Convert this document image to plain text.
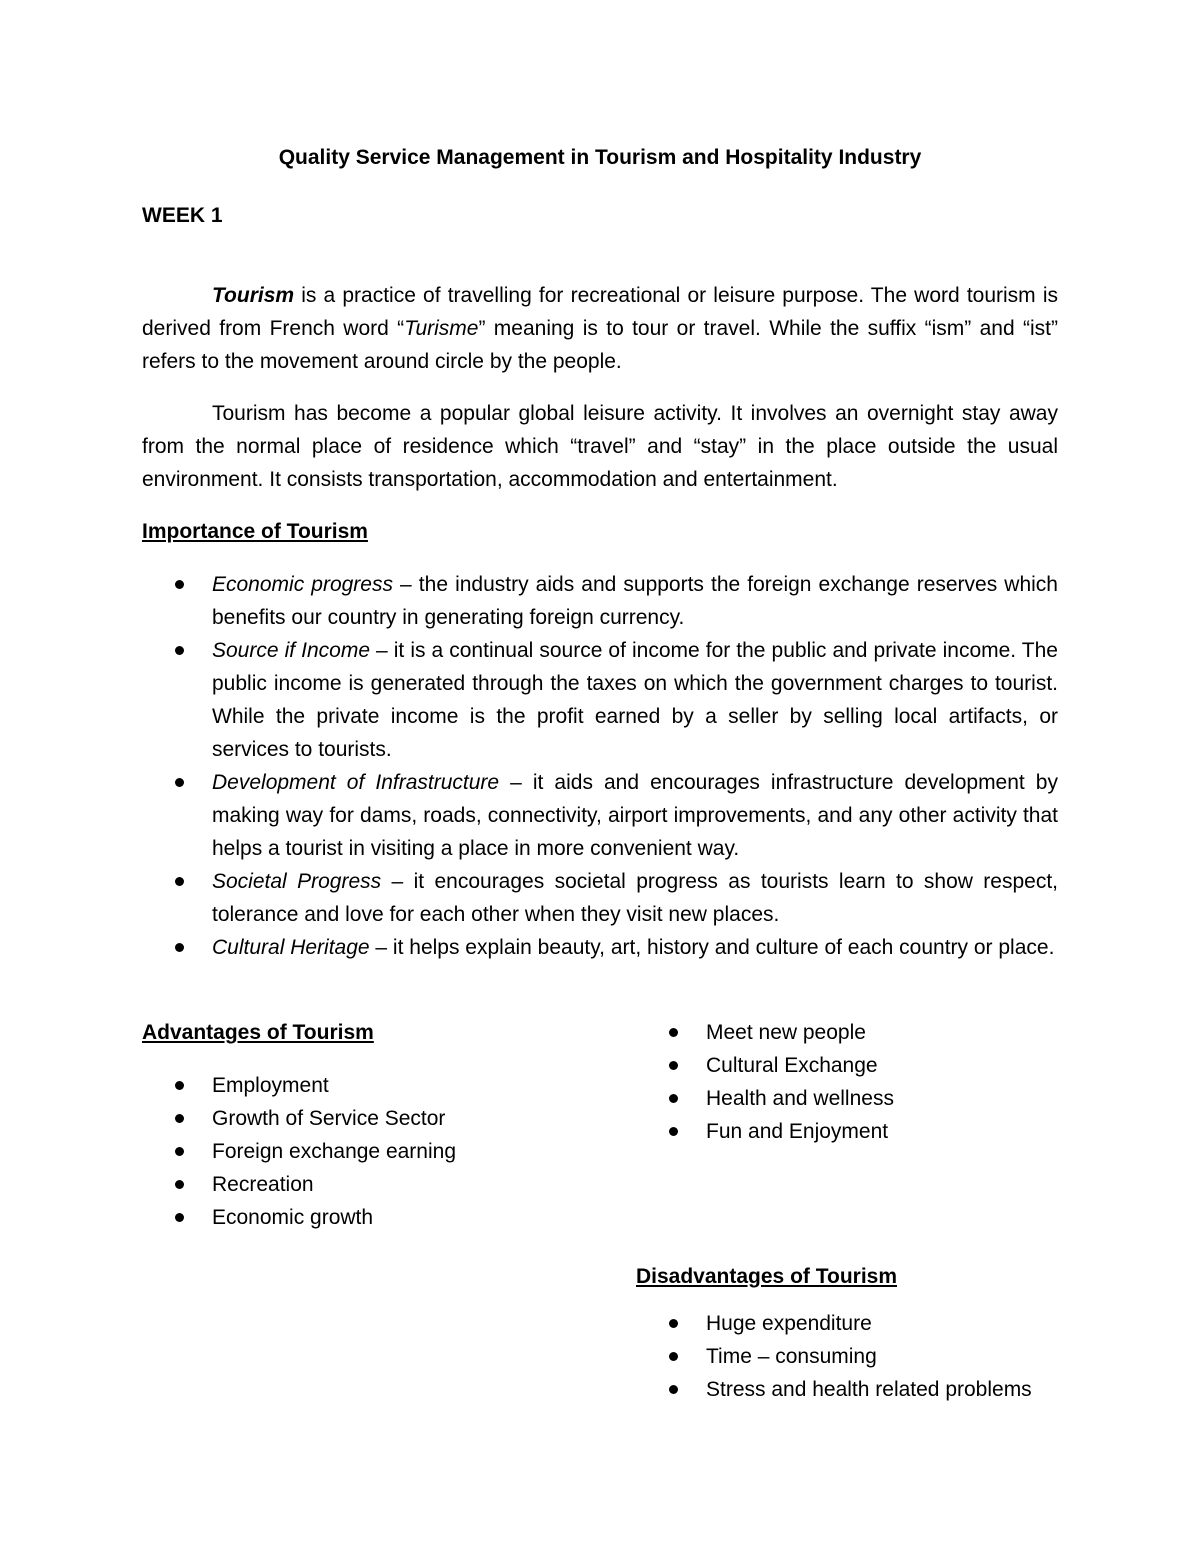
Quality Service Management in Tourism and Hospitality Industry
WEEK 1
Tourism is a practice of travelling for recreational or leisure purpose. The word tourism is derived from French word “Turisme” meaning is to tour or travel. While the suffix “ism” and “ist” refers to the movement around circle by the people.
Tourism has become a popular global leisure activity. It involves an overnight stay away from the normal place of residence which “travel” and “stay” in the place outside the usual environment. It consists transportation, accommodation and entertainment.
Importance of Tourism
Economic progress – the industry aids and supports the foreign exchange reserves which benefits our country in generating foreign currency.
Source if Income – it is a continual source of income for the public and private income. The public income is generated through the taxes on which the government charges to tourist. While the private income is the profit earned by a seller by selling local artifacts, or services to tourists.
Development of Infrastructure – it aids and encourages infrastructure development by making way for dams, roads, connectivity, airport improvements, and any other activity that helps a tourist in visiting a place in more convenient way.
Societal Progress – it encourages societal progress as tourists learn to show respect, tolerance and love for each other when they visit new places.
Cultural Heritage – it helps explain beauty, art, history and culture of each country or place.
Advantages of Tourism
Employment
Growth of Service Sector
Foreign exchange earning
Recreation
Economic growth
Meet new people
Cultural Exchange
Health and wellness
Fun and Enjoyment
Disadvantages of Tourism
Huge expenditure
Time – consuming
Stress and health related problems
